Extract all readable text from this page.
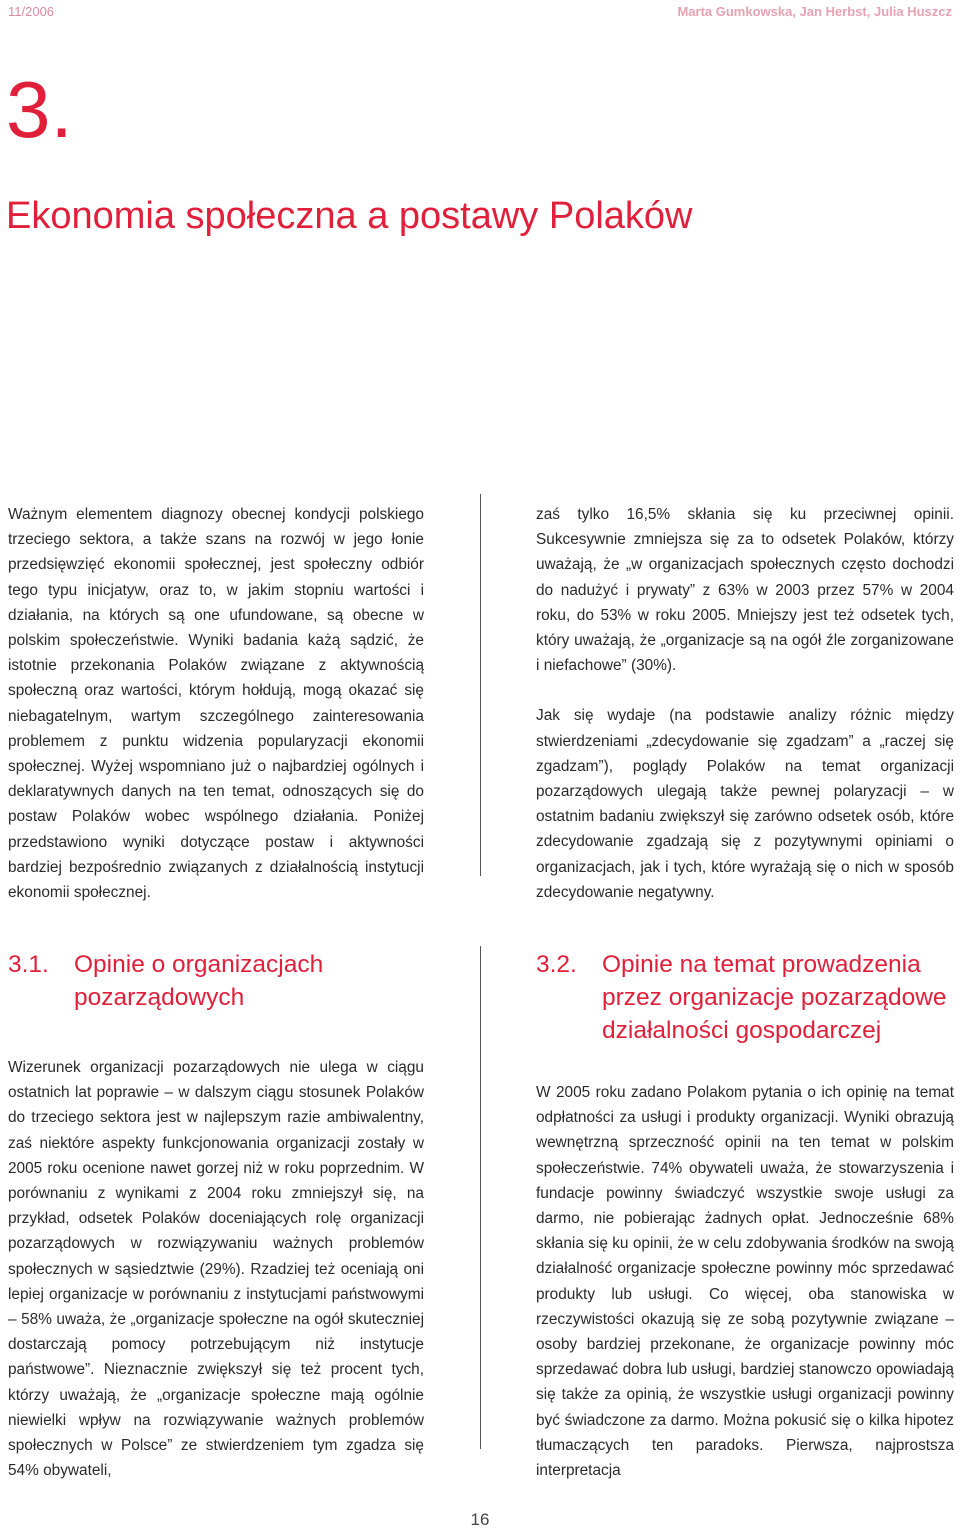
11/2006	Marta Gumkowska, Jan Herbst, Julia Huszcz
3.
Ekonomia społeczna a postawy Polaków

Ważnym elementem diagnozy obecnej kondycji polskiego trzeciego sektora, a także szans na rozwój w jego łonie przedsięwzięć ekonomii społecznej, jest społeczny odbiór tego typu inicjatyw, oraz to, w jakim stopniu wartości i działania, na których są one ufundowane, są obecne w polskim społeczeństwie. Wyniki badania każą sądzić, że istotnie przekonania Polaków związane z aktywnością społeczną oraz wartości, którym hołdują, mogą okazać się niebagatelnym, wartym szczególnego zainteresowania problemem z punktu widzenia popularyzacji ekonomii społecznej. Wyżej wspomniano już o najbardziej ogólnych i deklaratywnych danych na ten temat, odnoszących się do postaw Polaków wobec wspólnego działania. Poniżej przedstawiono wyniki dotyczące postaw i aktywności bardziej bezpośrednio związanych z działalnością instytucji ekonomii społecznej.

zaś tylko 16,5% skłania się ku przeciwnej opinii. Sukcesywnie zmniejsza się za to odsetek Polaków, którzy uważają, że „w organizacjach społecznych często dochodzi do nadużyć i prywaty” z 63% w 2003 przez 57% w 2004 roku, do 53% w roku 2005. Mniejszy jest też odsetek tych, który uważają, że „organizacje są na ogół źle zorganizowane i niefachowe” (30%).

Jak się wydaje (na podstawie analizy różnic między stwierdzeniami „zdecydowanie się zgadzam” a „raczej się zgadzam”), poglądy Polaków na temat organizacji pozarządowych ulegają także pewnej polaryzacji – w ostatnim badaniu zwiększył się zarówno odsetek osób, które zdecydowanie zgadzają się z pozytywnymi opiniami o organizacjach, jak i tych, które wyrażają się o nich w sposób zdecydowanie negatywny.

3.1. Opinie o organizacjach pozarządowych
3.2. Opinie na temat prowadzenia przez organizacje pozarządowe działalności gospodarczej

Wizerunek organizacji pozarządowych nie ulega w ciągu ostatnich lat poprawie – w dalszym ciągu stosunek Polaków do trzeciego sektora jest w najlepszym razie ambiwalentny, zaś niektóre aspekty funkcjonowania organizacji zostały w 2005 roku ocenione nawet gorzej niż w roku poprzednim. W porównaniu z wynikami z 2004 roku zmniejszył się, na przykład, odsetek Polaków doceniających rolę organizacji pozarządowych w rozwiązywaniu ważnych problemów społecznych w sąsiedztwie (29%). Rzadziej też oceniają oni lepiej organizacje w porównaniu z instytucjami państwowymi – 58% uważa, że „organizacje społeczne na ogół skuteczniej dostarczają pomocy potrzebującym niż instytucje państwowe”. Nieznacznie zwiększył się też procent tych, którzy uważają, że „organizacje społeczne mają ogólnie niewielki wpływ na rozwiązywanie ważnych problemów społecznych w Polsce” ze stwierdzeniem tym zgadza się 54% obywateli,

W 2005 roku zadano Polakom pytania o ich opinię na temat odpłatności za usługi i produkty organizacji. Wyniki obrazują wewnętrzną sprzeczność opinii na ten temat w polskim społeczeństwie. 74% obywateli uważa, że stowarzyszenia i fundacje powinny świadczyć wszystkie swoje usługi za darmo, nie pobierając żadnych opłat. Jednocześnie 68% skłania się ku opinii, że w celu zdobywania środków na swoją działalność organizacje społeczne powinny móc sprzedawać produkty lub usługi. Co więcej, oba stanowiska w rzeczywistości okazują się ze sobą pozytywnie związane – osoby bardziej przekonane, że organizacje powinny móc sprzedawać dobra lub usługi, bardziej stanowczo opowiadają się także za opinią, że wszystkie usługi organizacji powinny być świadczone za darmo. Można pokusić się o kilka hipotez tłumaczących ten paradoks. Pierwsza, najprostsza interpretacja

16
